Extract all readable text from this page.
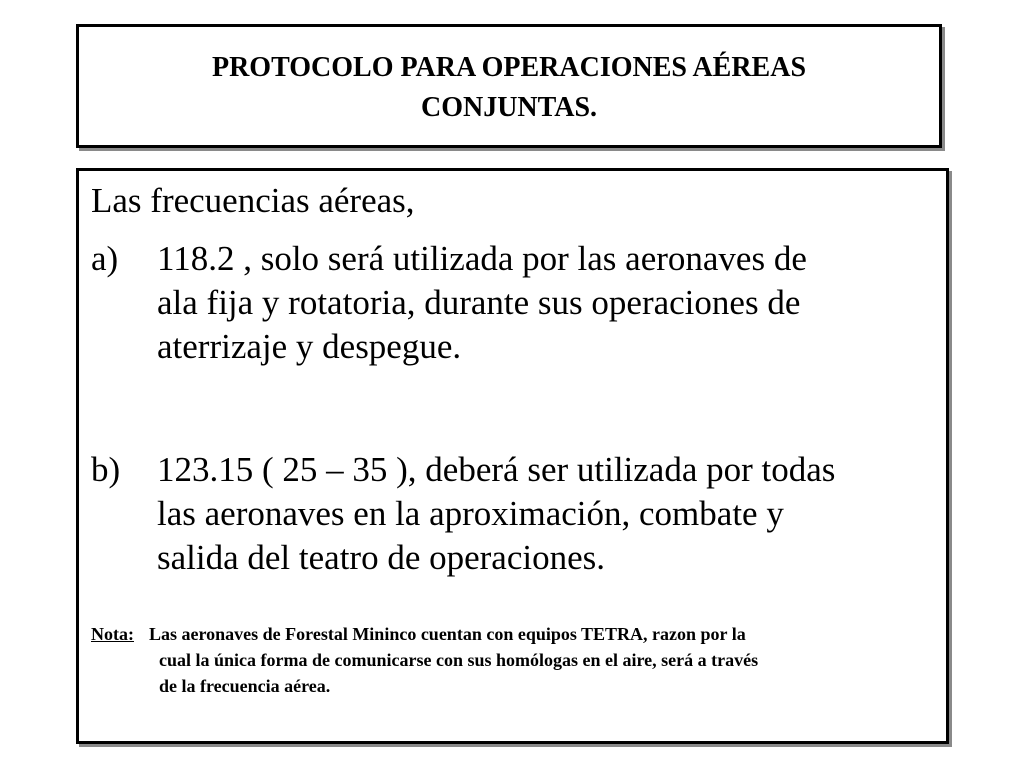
PROTOCOLO PARA OPERACIONES AÉREAS
CONJUNTAS.
Las frecuencias aéreas,
a) 118.2 , solo será utilizada por las aeronaves de
ala fija y rotatoria, durante sus operaciones de
aterrizaje y despegue.
b) 123.15 ( 25 – 35 ), deberá ser utilizada por todas
las aeronaves en la aproximación, combate y
salida del teatro de operaciones.
Nota: Las aeronaves de Forestal Mininco cuentan con equipos TETRA, razon por la
cual la única forma de comunicarse con sus homólogas en el aire, será a través
de la frecuencia aérea.
